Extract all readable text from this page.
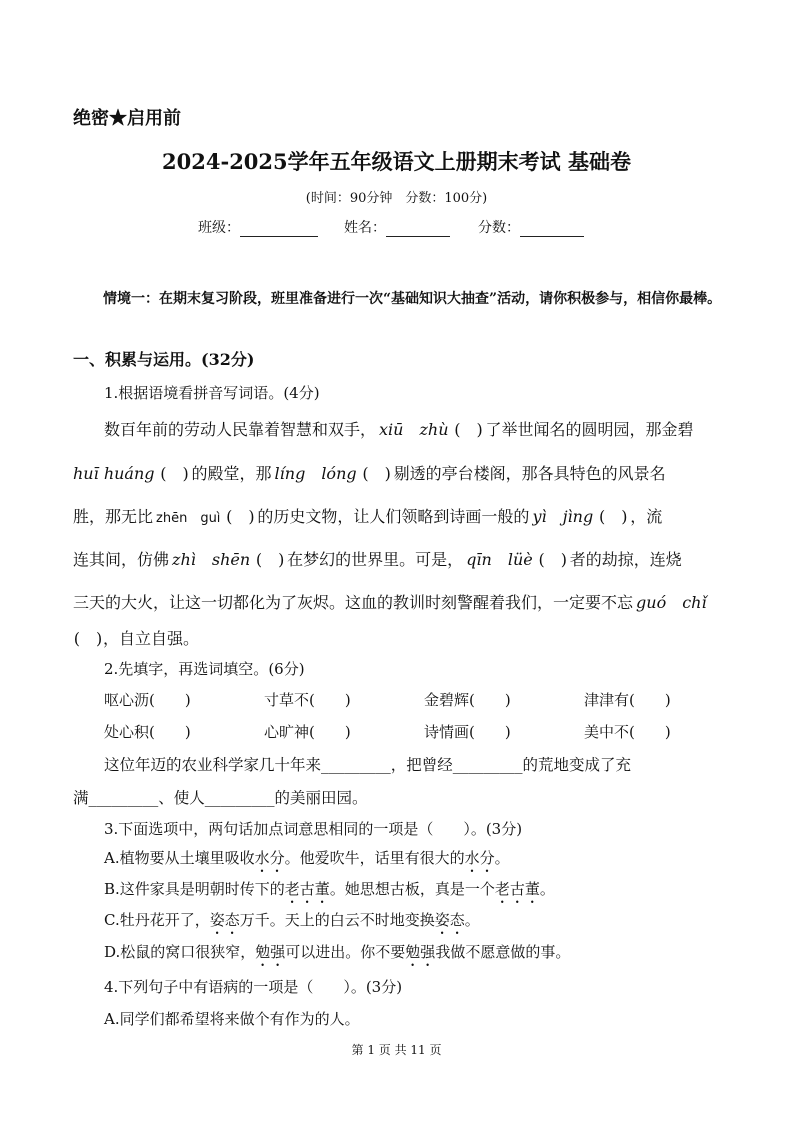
绝密★启用前
2024-2025学年五年级语文上册期末考试 基础卷
(时间：90分钟　分数：100分)
班级：	姓名：	分数：
情境一：在期末复习阶段，班里准备进行一次“基础知识大抽查”活动，请你积极参与，相信你最棒。
一、积累与运用。(32分)
1.根据语境看拼音写词语。(4分)
数百年前的劳动人民靠着智慧和双手， xiū　zhù (　) 了举世闻名的圆明园，那金碧
huī huáng (　) 的殿堂，那 líng　lóng (　) 剔透的亭台楼阁，那各具特色的风景名
胜，那无比 zhēn　guì (　) 的历史文物，让人们领略到诗画一般的 yì　jìng (　) ，流
连其间，仿佛 zhì　shēn (　) 在梦幻的世界里。可是， qīn　lüè (　) 者的劫掠，连烧
三天的大火，让这一切都化为了灰烬。这血的教训时刻警醒着我们，一定要不忘 guó　chǐ
(　)，自立自强。
2.先填字，再选词填空。(6分)
呕心沥(　　)	寸草不(　　)	金碧辉(　　)	津津有(　　)
处心积(　　)	心旷神(　　)	诗情画(　　)	美中不(　　)
这位年迈的农业科学家几十年来_________，把曾经_________的荒地变成了充
满_________、使人_________的美丽田园。
3.下面选项中，两句话加点词意思相同的一项是（　　）。(3分)
A.植物要从土壤里吸收水分。他爱吹牛，话里有很大的水分。
B.这件家具是明朝时传下的老古董。她思想古板，真是一个老古董。
C.牡丹花开了，姿态万千。天上的白云不时地变换姿态。
D.松鼠的窝口很狭窄，勉强可以进出。你不要勉强我做不愿意做的事。
4.下列句子中有语病的一项是（　　）。(3分)
A.同学们都希望将来做个有作为的人。
第 1 页 共 11 页
